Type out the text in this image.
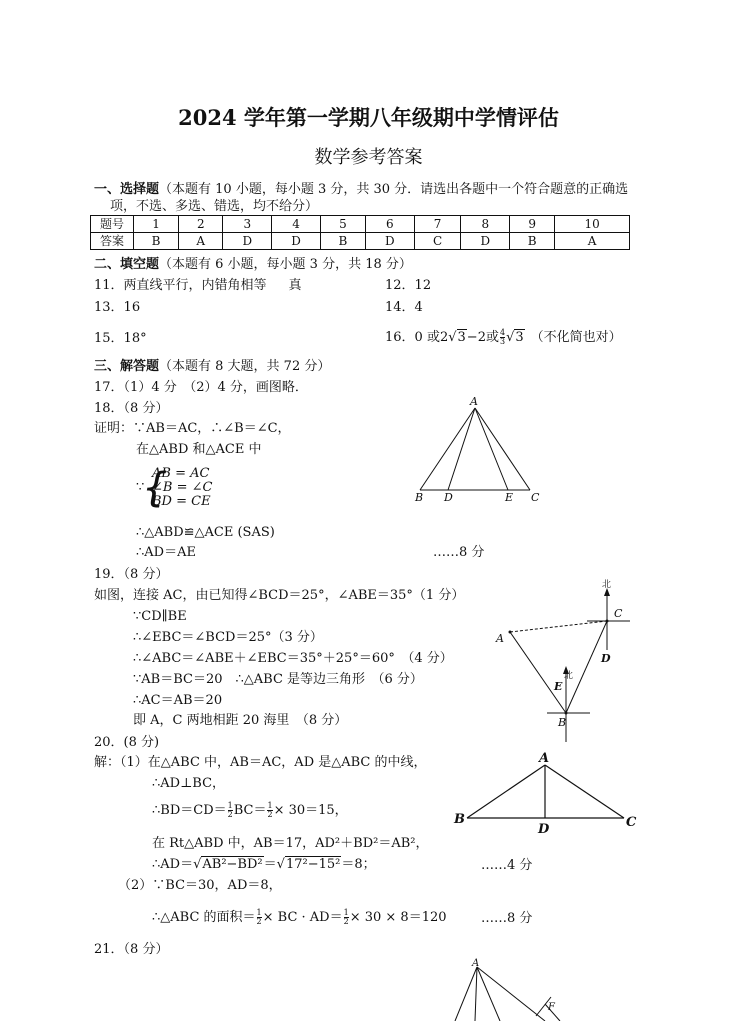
2024 学年第一学期八年级期中学情评估
数学参考答案
一、选择题（本题有 10 小题，每小题 3 分，共 30 分．请选出各题中一个符合题意的正确选
项，不选、多选、错选，均不给分）
题号	1	2	3	4	5	6	7	8	9	10
答案	B	A	D	D	B	D	C	D	B	A
二、填空题（本题有 6 小题，每小题 3 分，共 18 分）
11．两直线平行，内错角相等 真	12．12
13．16	14．4
15．18°	16．0 或2√3−2或 $\frac{4}{3} √3$ （不化简也对）
三、解答题（本题有 8 大题，共 72 分）
17．（1）4 分　（2）4 分，画图略．
18．（8 分）
证明：∵AB＝AC，∴∠B＝∠C，
在△ABD 和△ACE 中
∵
{
AB = AC
∠B = ∠C
BD = CE
∴△ABD≌△ACE (SAS)
∴AD＝AE	……8 分
A
B D	E C
19．（8 分）
如图，连接 AC，由已知得∠BCD＝25°，∠ABE＝35°（1 分）
∵CD∥BE
∴∠EBC＝∠BCD＝25°（3 分）
∴∠ABC＝∠ABE＋∠EBC＝35°＋25°＝60°　（4 分）
∵AB＝BC＝20　∴△ABC 是等边三角形　（6 分）
∴AC＝AB＝20
即 A，C 两地相距 20 海里　（8 分）
北
北
A
C
D
E
B
20．(8 分)
解：（1）在△ABC 中，AB＝AC，AD 是△ABC 的中线，
∴AD⊥BC，
∴BD＝CD＝ $\frac{1}{2} BC= \frac{1}{2} \times 30=15$，
在 Rt△ABD 中，AB＝17，AD²＋BD²＝AB²，
∴AD＝√AB²−BD²＝√17²−15²＝8；	……4 分
（2）∵BC＝30，AD＝8，
∴△ABC 的面积＝ $\frac{1}{2}$ × BC · $AD= \frac{1}{2} \times 30 \times 8=120$	……8 分
A
B
D	C
21．（8 分）
A
F
